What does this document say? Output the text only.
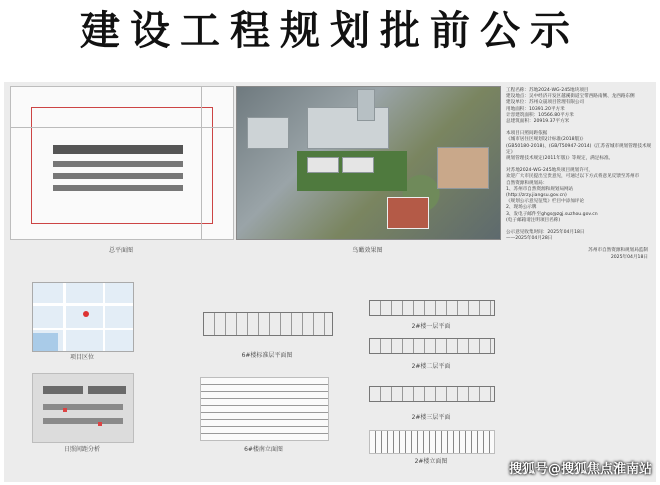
建设工程规划批前公示
总平面图	鸟瞰效果图
工程名称：苏地2024-WG-245地块项目
建设地点：吴中经济开发区越溪街道宝带西路南侧、龙西路东侧
建设单位：苏州众晟项目管理有限公司
用地面积：10391.20平方米
计容建筑面积：10566.80平方米
总建筑面积：20919.37平方米
本项目日照间距依据
《城市居住区规划设计标准(2018版)》
(GB50180-2018)、(GB/T50947-2014)《江苏省城市规划管理技术规定》
规划管理技术规定(2011年版)》等规定，满足标准。
对苏地2024-WG-245地块项目规划许可，
欢迎广大市民提出宝贵意见，可通过以下方式将意见反馈至苏州市
自然资源和规划局：
1、苏州市自然资源和规划局网站
(http://zrzy.jiangsu.gov.cn)
《规划公示意见征集》栏目中添加评论
2、现场公示牌
3、发电子邮件至ghgs@zgj.suzhou.gov.cn
(电子邮箱请注明项目名称)
公示意见收集时间：2025年04月18日
——2025年04月28日
苏州市自然资源和规划局监制
2025年04月18日
项目区位
日照间距分析
6#楼标准层平面图
6#楼南立面图
2#楼一层平面
2#楼二层平面
2#楼三层平面
2#楼立面图
搜狐号@搜狐焦点淮南站
